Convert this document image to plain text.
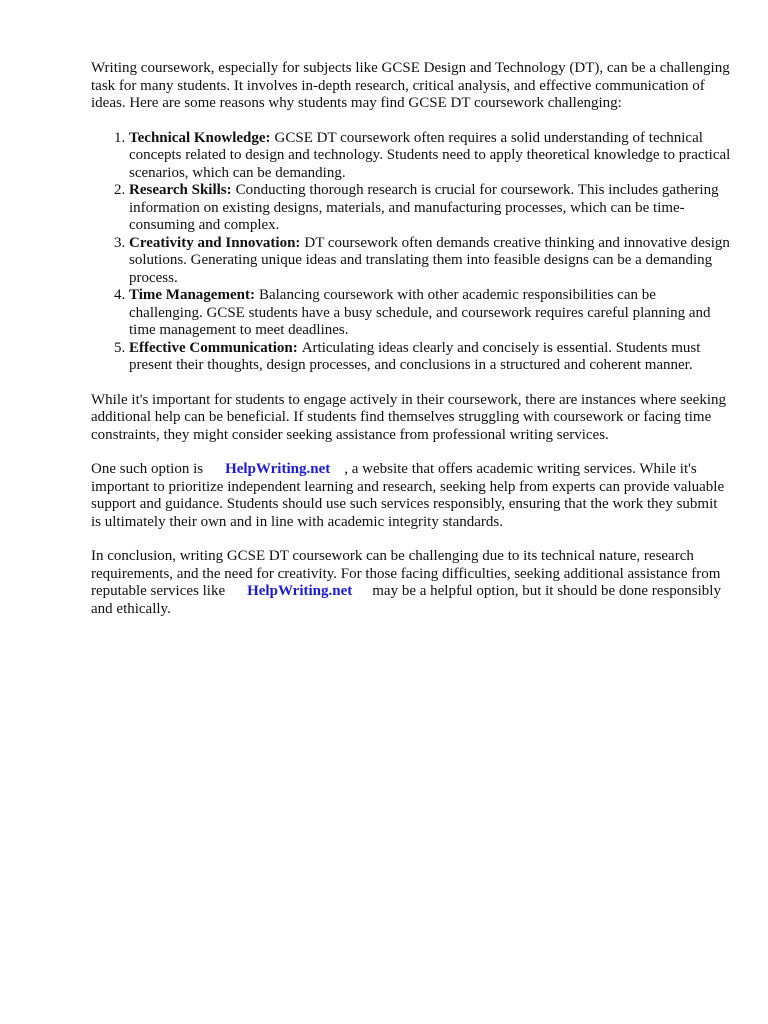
Writing coursework, especially for subjects like GCSE Design and Technology (DT), can be a challenging task for many students. It involves in-depth research, critical analysis, and effective communication of ideas. Here are some reasons why students may find GCSE DT coursework challenging:

1. Technical Knowledge: GCSE DT coursework often requires a solid understanding of technical concepts related to design and technology. Students need to apply theoretical knowledge to practical scenarios, which can be demanding.
2. Research Skills: Conducting thorough research is crucial for coursework. This includes gathering information on existing designs, materials, and manufacturing processes, which can be time-consuming and complex.
3. Creativity and Innovation: DT coursework often demands creative thinking and innovative design solutions. Generating unique ideas and translating them into feasible designs can be a demanding process.
4. Time Management: Balancing coursework with other academic responsibilities can be challenging. GCSE students have a busy schedule, and coursework requires careful planning and time management to meet deadlines.
5. Effective Communication: Articulating ideas clearly and concisely is essential. Students must present their thoughts, design processes, and conclusions in a structured and coherent manner.

While it's important for students to engage actively in their coursework, there are instances where seeking additional help can be beneficial. If students find themselves struggling with coursework or facing time constraints, they might consider seeking assistance from professional writing services.

One such option is HelpWriting.net , a website that offers academic writing services. While it's important to prioritize independent learning and research, seeking help from experts can provide valuable support and guidance. Students should use such services responsibly, ensuring that the work they submit is ultimately their own and in line with academic integrity standards.

In conclusion, writing GCSE DT coursework can be challenging due to its technical nature, research requirements, and the need for creativity. For those facing difficulties, seeking additional assistance from reputable services like HelpWriting.net may be a helpful option, but it should be done responsibly and ethically.
